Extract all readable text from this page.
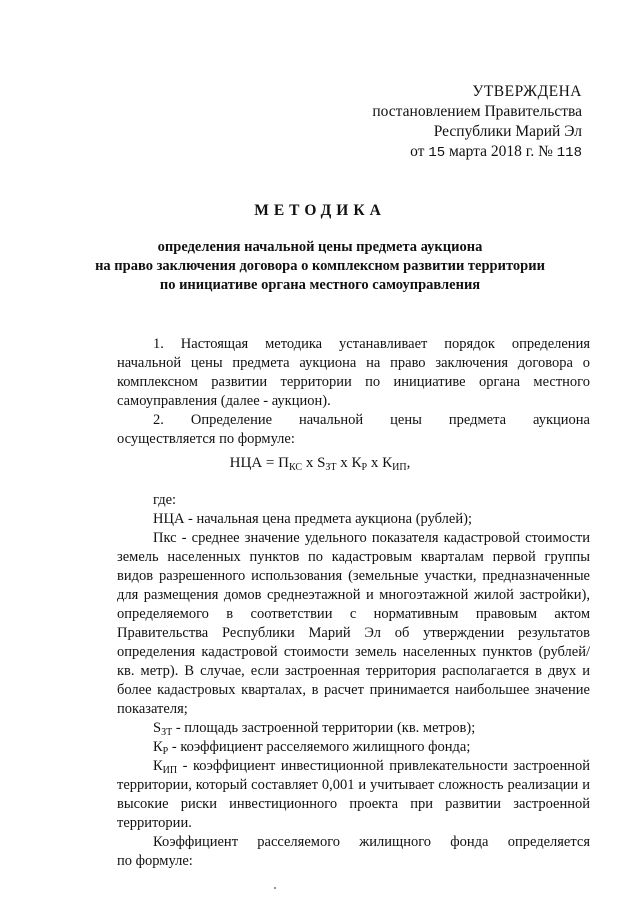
УТВЕРЖДЕНА
постановлением Правительства
Республики Марий Эл
от 15 марта 2018 г. № 118
МЕТОДИКА
определения начальной цены предмета аукциона
на право заключения договора о комплексном развитии территории
по инициативе органа местного самоуправления

1. Настоящая методика устанавливает порядок определения начальной цены предмета аукциона на право заключения договора о комплексном развитии территории по инициативе органа местного самоуправления (далее - аукцион).

2. Определение начальной цены предмета аукциона

осуществляется по формуле:

НЦА = $П_{КС}$ х $S_{ЗТ}$ х $К_Р$ х $К_{ИП}$,

где:

НЦА - начальная цена предмета аукциона (рублей);

Пкс - среднее значение удельного показателя кадастровой стоимости земель населенных пунктов по кадастровым кварталам первой группы видов разрешенного использования (земельные участки, предназначенные для размещения домов среднеэтажной и многоэтажной жилой застройки), определяемого в соответствии с нормативным правовым актом Правительства Республики Марий Эл об утверждении результатов определения кадастровой стоимости земель населенных пунктов (рублей/кв. метр). В случае, если застроенная территория располагается в двух и более кадастровых кварталах, в расчет принимается наибольшее значение показателя;

$S_{ЗТ}$ - площадь застроенной территории (кв. метров);

$К_Р$ - коэффициент расселяемого жилищного фонда;

$К_{ИП}$ - коэффициент инвестиционной привлекательности застроенной территории, который составляет 0,001 и учитывает сложность реализации и высокие риски инвестиционного проекта при развитии застроенной территории.

Коэффициент расселяемого жилищного фонда определяется

по формуле:
